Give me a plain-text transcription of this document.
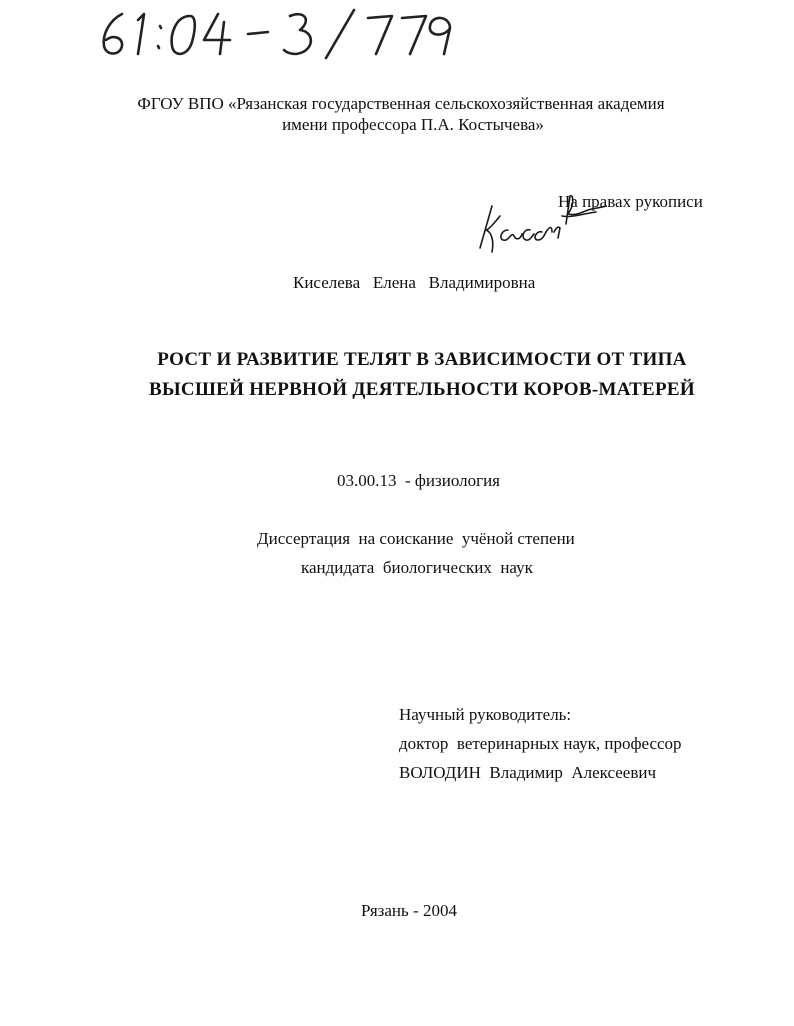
ФГОУ ВПО «Рязанская государственная сельскохозяйственная академия
имени профессора П.А. Костычева»
На правах рукописи
Киселева   Елена   Владимировна
РОСТ И РАЗВИТИЕ ТЕЛЯТ В ЗАВИСИМОСТИ ОТ ТИПА
ВЫСШЕЙ НЕРВНОЙ ДЕЯТЕЛЬНОСТИ КОРОВ-МАТЕРЕЙ
03.00.13  - физиология
Диссертация  на соискание  учёной степени
кандидата  биологических  наук
Научный руководитель:
доктор  ветеринарных наук, профессор
ВОЛОДИН  Владимир  Алексеевич
Рязань - 2004
